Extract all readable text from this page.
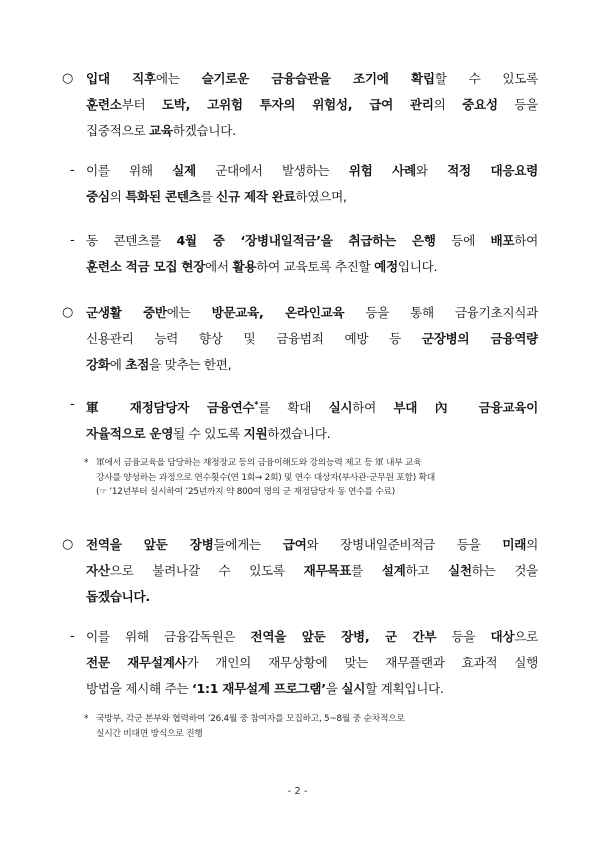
○ 입대 직후에는 슬기로운 금융습관을 조기에 확립할 수 있도록
훈련소부터 도박, 고위험 투자의 위험성, 급여 관리의 중요성 등을
집중적으로 교육하겠습니다.
- 이를 위해 실제 군대에서 발생하는 위험 사례와 적정 대응요령
중심의 특화된 콘텐츠를 신규 제작 완료하였으며,
- 동 콘텐츠를 4월 중 ‘장병내일적금’을 취급하는 은행 등에 배포하여
훈련소 적금 모집 현장에서 활용하여 교육토록 추진할 예정입니다.
○ 군생활 중반에는 방문교육, 온라인교육 등을 통해 금융기초지식과
신용관리 능력 향상 및 금융범죄 예방 등 군장병의 금융역량
강화에 초점을 맞추는 한편,
- 軍 재정담당자 금융연수*를 확대 실시하여 부대 內 금융교육이
자율적으로 운영될 수 있도록 지원하겠습니다.
* 軍에서 금융교육을 담당하는 재정장교 등의 금융이해도와 강의능력 제고 등 軍 내부 교육
강사를 양성하는 과정으로 연수횟수(연 1회→ 2회) 및 연수 대상자(부사관·군무원 포함) 확대
(☞ ’12년부터 실시하여 ’25년까지 약 800여 명의 군 재정담당자 동 연수를 수료)
○ 전역을 앞둔 장병들에게는 급여와 장병내일준비적금 등을 미래의
자산으로 불려나갈 수 있도록 재무목표를 설계하고 실천하는 것을
돕겠습니다.
- 이를 위해 금융감독원은 전역을 앞둔 장병, 군 간부 등을 대상으로
전문 재무설계사가 개인의 재무상황에 맞는 재무플랜과 효과적 실행
방법을 제시해 주는 ‘1:1 재무설계 프로그램’을 실시할 계획입니다.
* 국방부, 각군 본부와 협력하여 ’26.4월 중 참여자를 모집하고, 5~8월 중 순차적으로
실시간 비대면 방식으로 진행
- 2 -
